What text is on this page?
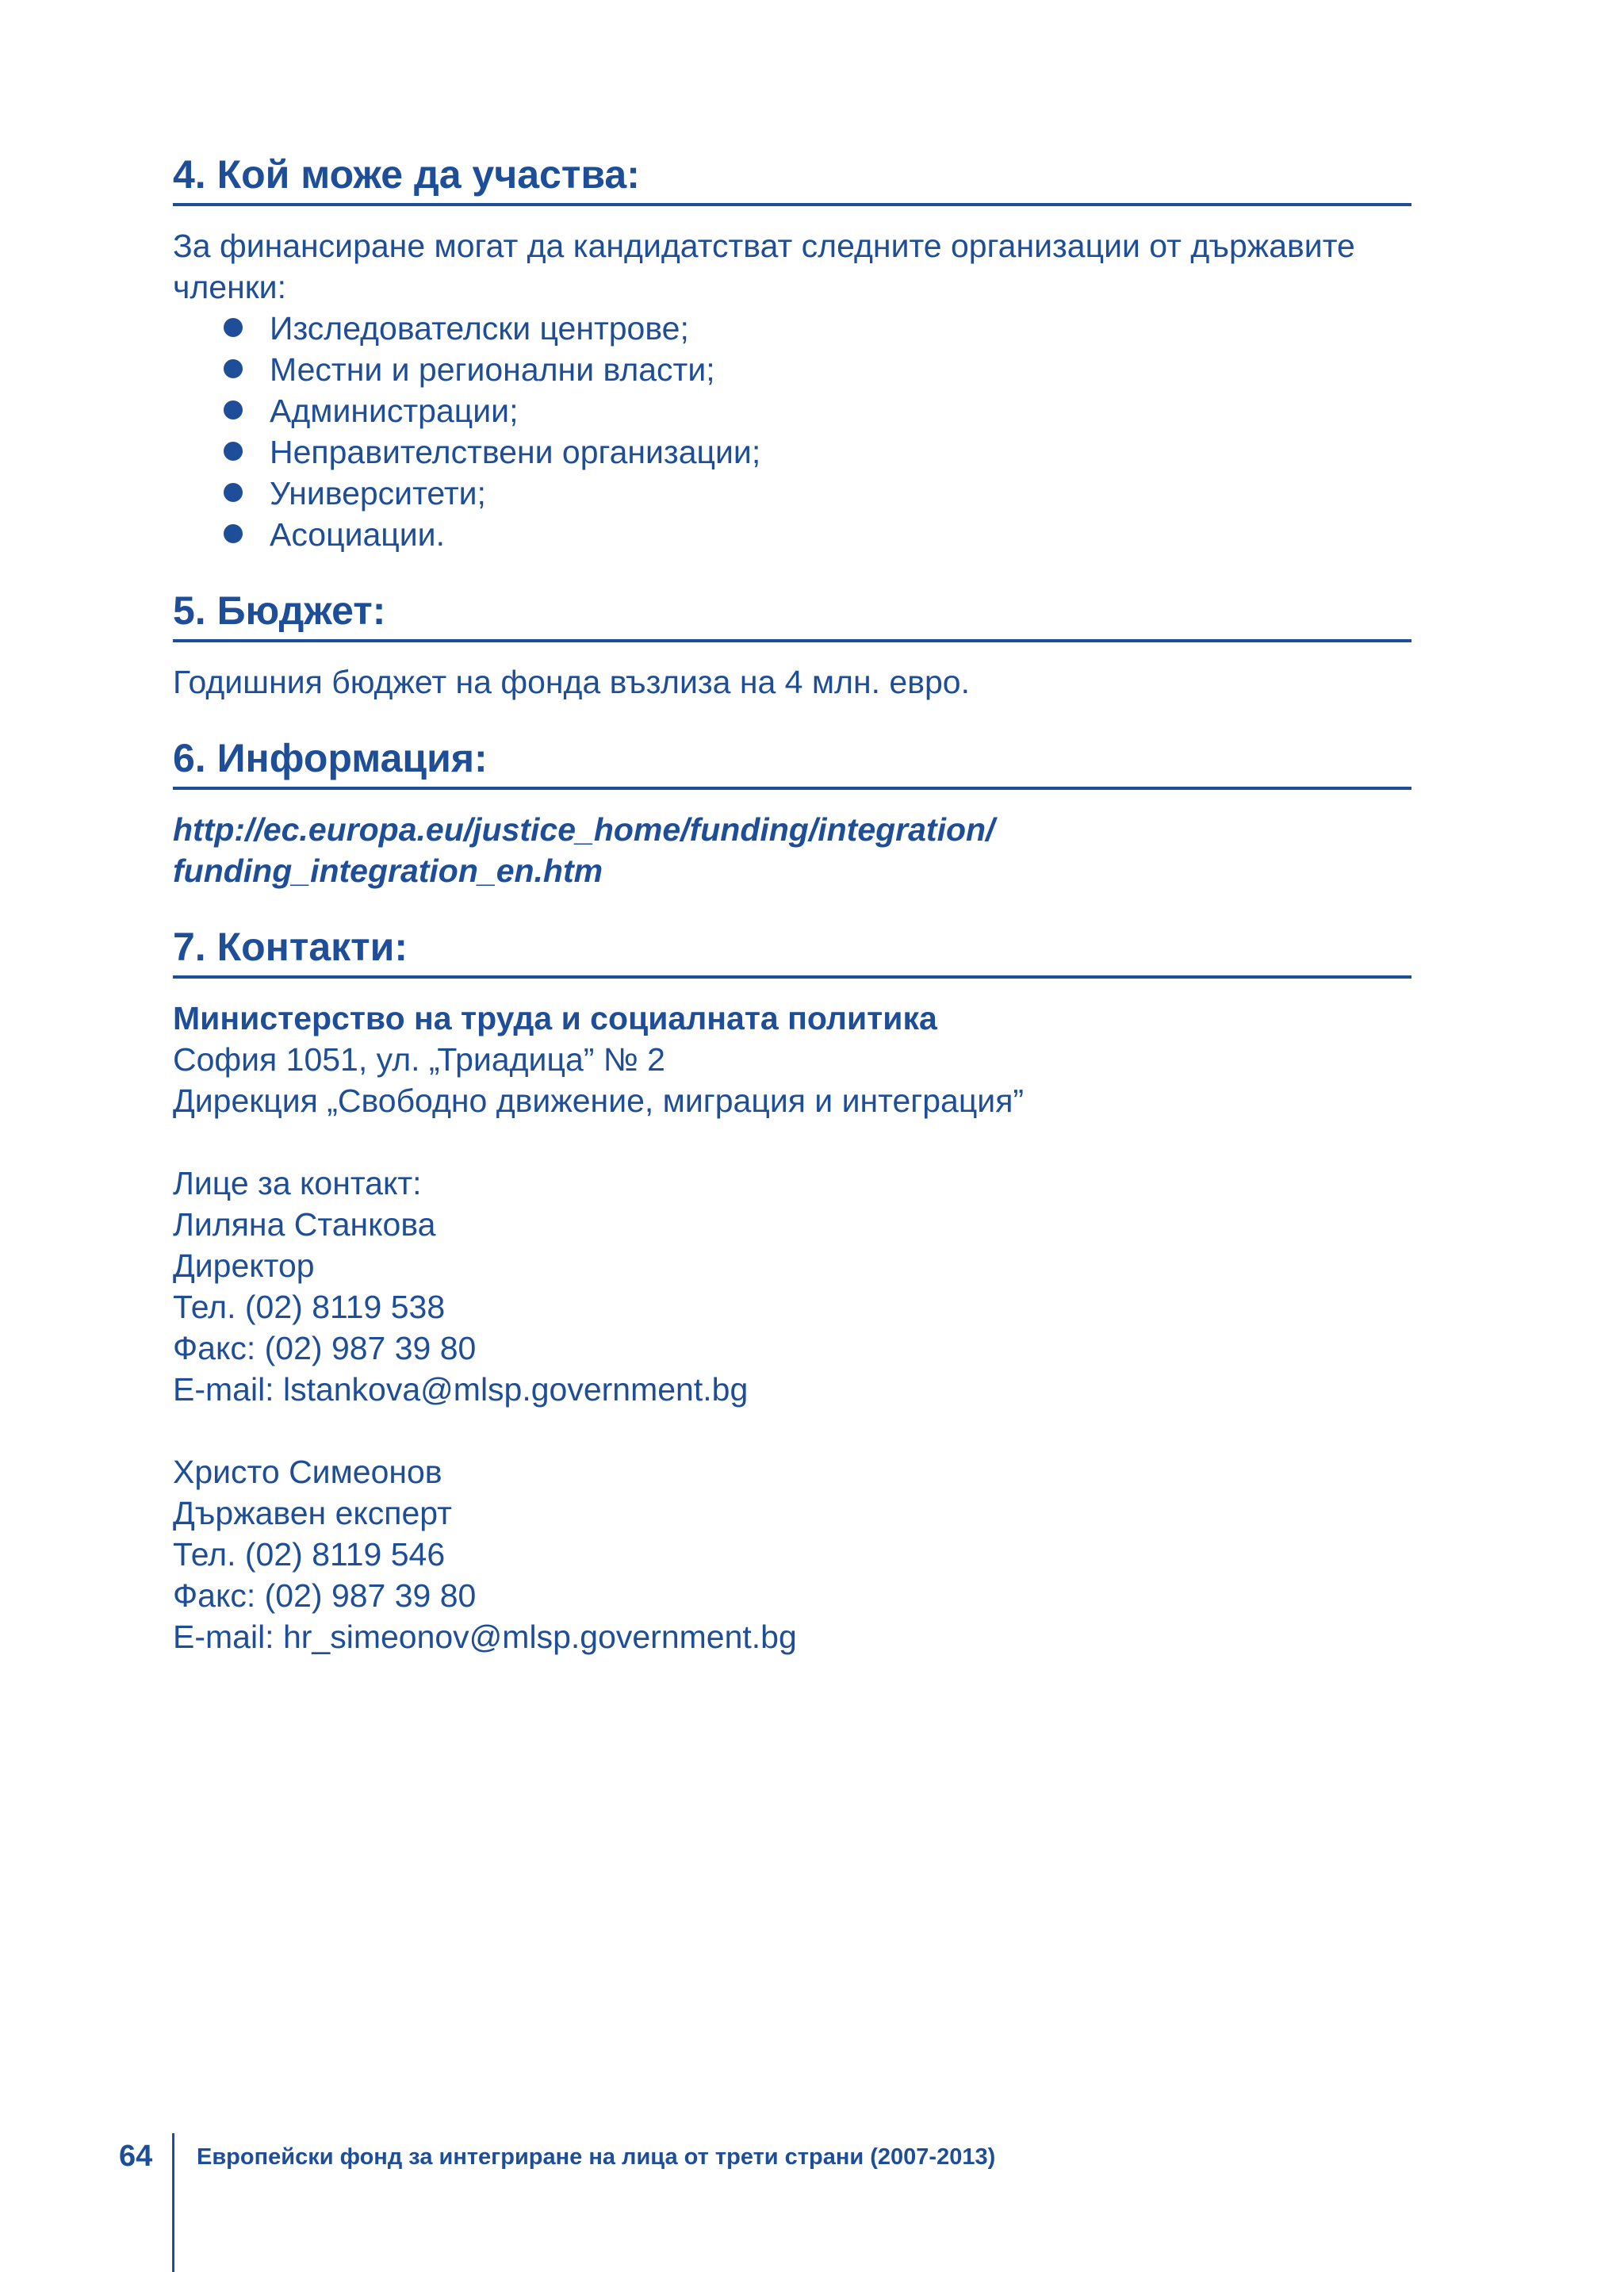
4. Кой може да участва:

За финансиране могат да кандидатстват следните организации от държавите членки:

Изследователски центрове;
Местни и регионални власти;
Администрации;
Неправителствени организации;
Университети;
Асоциации.
5. Бюджет:

Годишния бюджет на фонда възлиза на 4 млн. евро.

6. Информация:

http://ec.europa.eu/justice_home/funding/integration/

funding_integration_en.htm

7. Контакти:

Министерство на труда и социалната политика

София 1051, ул. „Триадица” № 2

Дирекция „Свободно движение, миграция и интеграция”

Лице за контакт:

Лиляна Станкова

Директор

Тел. (02) 8119 538

Факс: (02) 987 39 80

E-mail: lstankova@mlsp.government.bg

Христо Симеонов

Държавен експерт

Тел. (02) 8119 546

Факс: (02) 987 39 80

E-mail: hr_simeonov@mlsp.government.bg

64 Европейски фонд за интегриране на лица от трети страни (2007-2013)
